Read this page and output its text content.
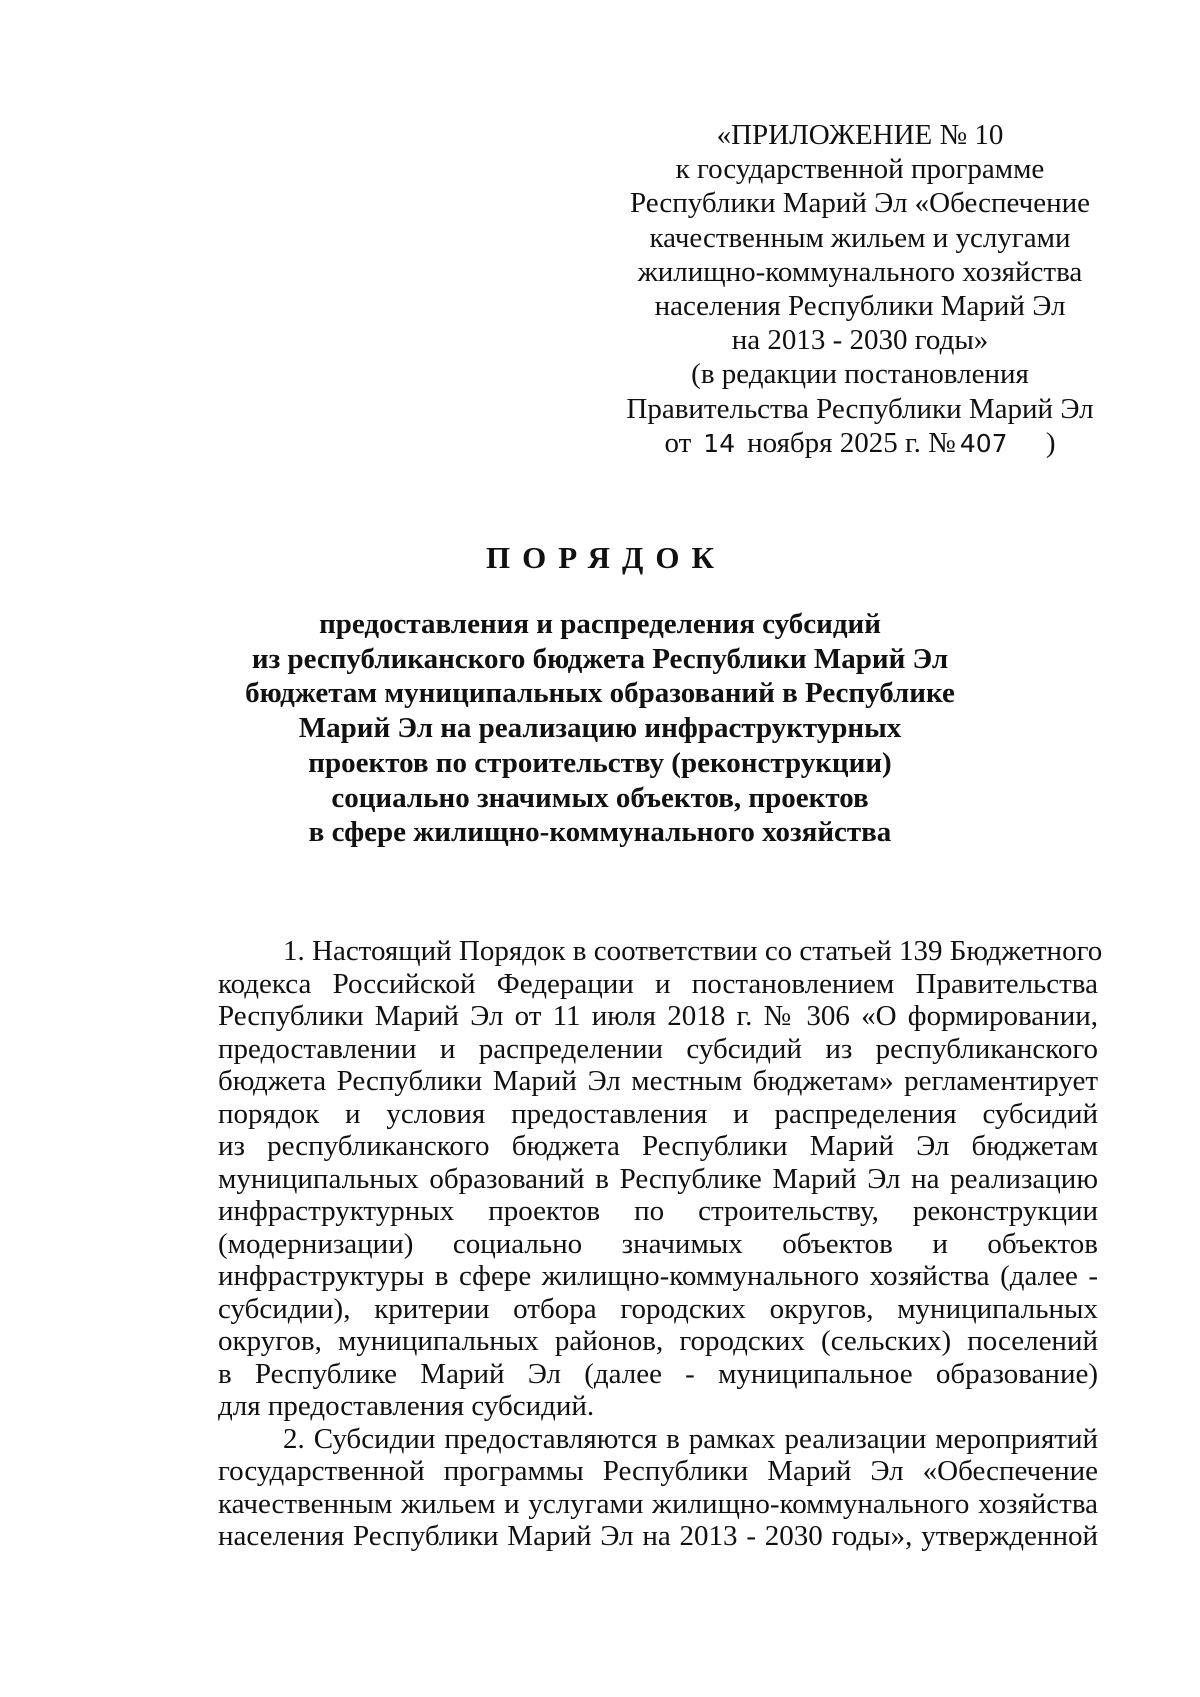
«ПРИЛОЖЕНИЕ № 10
к государственной программе
Республики Марий Эл «Обеспечение
качественным жильем и услугами
жилищно-коммунального хозяйства
населения Республики Марий Эл
на 2013 - 2030 годы»
(в редакции постановления
Правительства Республики Марий Эл
от 14 ноября 2025 г. № 407 )
ПОРЯДОК
предоставления и распределения субсидий
из республиканского бюджета Республики Марий Эл
бюджетам муниципальных образований в Республике
Марий Эл на реализацию инфраструктурных
проектов по строительству (реконструкции)
социально значимых объектов, проектов
в сфере жилищно-коммунального хозяйства
1. Настоящий Порядок в соответствии со статьей 139 Бюджетного
кодекса Российской Федерации и постановлением Правительства
Республики Марий Эл от 11 июля 2018 г. № 306 «О формировании,
предоставлении и распределении субсидий из республиканского
бюджета Республики Марий Эл местным бюджетам» регламентирует
порядок и условия предоставления и распределения субсидий
из республиканского бюджета Республики Марий Эл бюджетам
муниципальных образований в Республике Марий Эл на реализацию
инфраструктурных проектов по строительству, реконструкции
(модернизации) социально значимых объектов и объектов
инфраструктуры в сфере жилищно-коммунального хозяйства (далее -
субсидии), критерии отбора городских округов, муниципальных
округов, муниципальных районов, городских (сельских) поселений
в Республике Марий Эл (далее - муниципальное образование)
для предоставления субсидий.
2. Субсидии предоставляются в рамках реализации мероприятий
государственной программы Республики Марий Эл «Обеспечение
качественным жильем и услугами жилищно-коммунального хозяйства
населения Республики Марий Эл на 2013 - 2030 годы», утвержденной
